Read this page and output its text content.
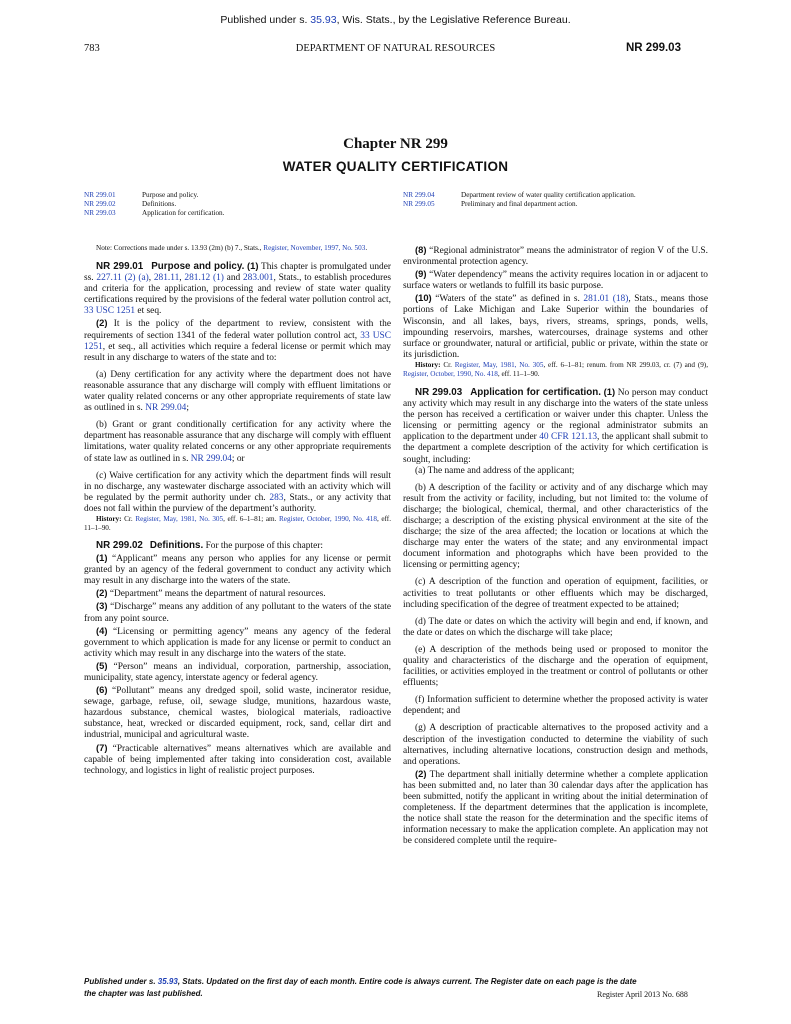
Published under s. 35.93, Wis. Stats., by the Legislative Reference Bureau.
783	DEPARTMENT OF NATURAL RESOURCES	NR 299.03
Chapter NR 299
WATER QUALITY CERTIFICATION
NR 299.01	Purpose and policy.
NR 299.02	Definitions.
NR 299.03	Application for certification.
NR 299.04	Department review of water quality certification application.
NR 299.05	Preliminary and final department action.

Note: Corrections made under s. 13.93 (2m) (b) 7., Stats., Register, November, 1997, No. 503.

NR 299.01 Purpose and policy. (1) This chapter is promulgated under ss. 227.11 (2) (a), 281.11, 281.12 (1) and 283.001, Stats., to establish procedures and criteria for the application, processing and review of state water quality certifications required by the provisions of the federal water pollution control act, 33 USC 1251 et seq.

(2) It is the policy of the department to review, consistent with the requirements of section 1341 of the federal water pollution control act, 33 USC 1251, et seq., all activities which require a federal license or permit which may result in any discharge to waters of the state and to:

(a) Deny certification for any activity where the department does not have reasonable assurance that any discharge will comply with effluent limitations or water quality related concerns or any other appropriate requirements of state law as outlined in s. NR 299.04;

(b) Grant or grant conditionally certification for any activity where the department has reasonable assurance that any discharge will comply with effluent limitations, water quality related concerns or any other appropriate requirements of state law as outlined in s. NR 299.04; or

(c) Waive certification for any activity which the department finds will result in no discharge, any wastewater discharge associated with an activity which will be regulated by the permit authority under ch. 283, Stats., or any activity that does not fall within the purview of the department’s authority.

History: Cr. Register, May, 1981, No. 305, eff. 6–1–81; am. Register, October, 1990, No. 418, eff. 11–1–90.

NR 299.02 Definitions. For the purpose of this chapter:

(1) “Applicant” means any person who applies for any license or permit granted by an agency of the federal government to conduct any activity which may result in any discharge into the waters of the state.

(2) “Department” means the department of natural resources.

(3) “Discharge” means any addition of any pollutant to the waters of the state from any point source.

(4) “Licensing or permitting agency” means any agency of the federal government to which application is made for any license or permit to conduct an activity which may result in any discharge into the waters of the state.

(5) “Person” means an individual, corporation, partnership, association, municipality, state agency, interstate agency or federal agency.

(6) “Pollutant” means any dredged spoil, solid waste, incinerator residue, sewage, garbage, refuse, oil, sewage sludge, munitions, hazardous waste, hazardous substance, chemical wastes, biological materials, radioactive substance, heat, wrecked or discarded equipment, rock, sand, cellar dirt and industrial, municipal and agricultural waste.

(7) “Practicable alternatives” means alternatives which are available and capable of being implemented after taking into consideration cost, available technology, and logistics in light of realistic project purposes.

(8) “Regional administrator” means the administrator of region V of the U.S. environmental protection agency.

(9) “Water dependency” means the activity requires location in or adjacent to surface waters or wetlands to fulfill its basic purpose.

(10) “Waters of the state” as defined in s. 281.01 (18), Stats., means those portions of Lake Michigan and Lake Superior within the boundaries of Wisconsin, and all lakes, bays, rivers, streams, springs, ponds, wells, impounding reservoirs, marshes, watercourses, drainage systems and other surface or groundwater, natural or artificial, public or private, within the state or its jurisdiction.

History: Cr. Register, May, 1981, No. 305, eff. 6–1–81; renum. from NR 299.03, cr. (7) and (9), Register, October, 1990, No. 418, eff. 11–1–90.

NR 299.03 Application for certification. (1) No person may conduct any activity which may result in any discharge into the waters of the state unless the person has received a certification or waiver under this chapter. Unless the licensing or permitting agency or the regional administrator submits an application to the department under 40 CFR 121.13, the applicant shall submit to the department a complete description of the activity for which certification is sought, including:

(a) The name and address of the applicant;

(b) A description of the facility or activity and of any discharge which may result from the activity or facility, including, but not limited to: the volume of discharge; the biological, chemical, thermal, and other characteristics of the discharge; a description of the existing physical environment at the site of the discharge; the size of the area affected; the location or locations at which the discharge may enter the waters of the state; and any environmental impact document information and photographs which have been provided to the licensing or permitting agency;

(c) A description of the function and operation of equipment, facilities, or activities to treat pollutants or other effluents which may be discharged, including specification of the degree of treatment expected to be attained;

(d) The date or dates on which the activity will begin and end, if known, and the date or dates on which the discharge will take place;

(e) A description of the methods being used or proposed to monitor the quality and characteristics of the discharge and the operation of equipment, facilities, or activities employed in the treatment or control of pollutants or other effluents;

(f) Information sufficient to determine whether the proposed activity is water dependent; and

(g) A description of practicable alternatives to the proposed activity and a description of the investigation conducted to determine the viability of such alternatives, including alternative locations, construction design and methods, and operations.

(2) The department shall initially determine whether a complete application has been submitted and, no later than 30 calendar days after the application has been submitted, notify the applicant in writing about the initial determination of completeness. If the department determines that the application is incomplete, the notice shall state the reason for the determination and the specific items of information necessary to make the application complete. An application may not be considered complete until the require-

Published under s. 35.93, Stats. Updated on the first day of each month. Entire code is always current. The Register date on each page is the date the chapter was last published.	Register April 2013 No. 688
